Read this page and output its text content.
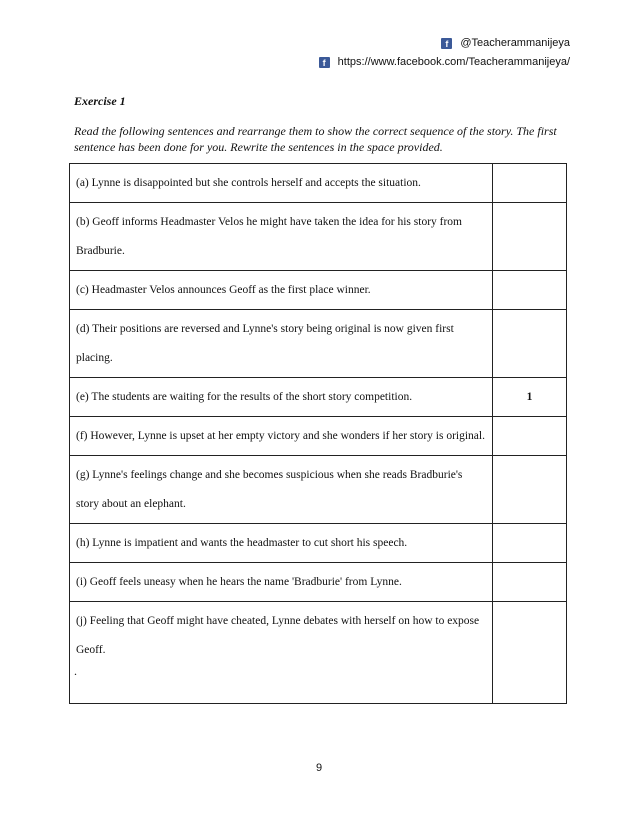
f	@Teacherammanijeya
f	https://www.facebook.com/Teacherammanijeya/
Exercise 1
Read the following sentences and rearrange them to show the correct sequence of the story. The first sentence has been done for you. Rewrite the sentences in the space provided.
(a) Lynne is disappointed but she controls herself and accepts the situation.	
(b) Geoff informs Headmaster Velos he might have taken the idea for his story from Bradburie.	
(c) Headmaster Velos announces Geoff as the first place winner.	
(d) Their positions are reversed and Lynne's story being original is now given first placing.	
(e) The students are waiting for the results of the short story competition.	1
(f) However, Lynne is upset at her empty victory and she wonders if her story is original.	
(g) Lynne's feelings change and she becomes suspicious when she reads Bradburie's story about an elephant.	
(h) Lynne is impatient and wants the headmaster to cut short his speech.	
(i) Geoff feels uneasy when he hears the name 'Bradburie' from Lynne.	
(j) Feeling that Geoff might have cheated, Lynne debates with herself on how to expose Geoff.	
.
9
